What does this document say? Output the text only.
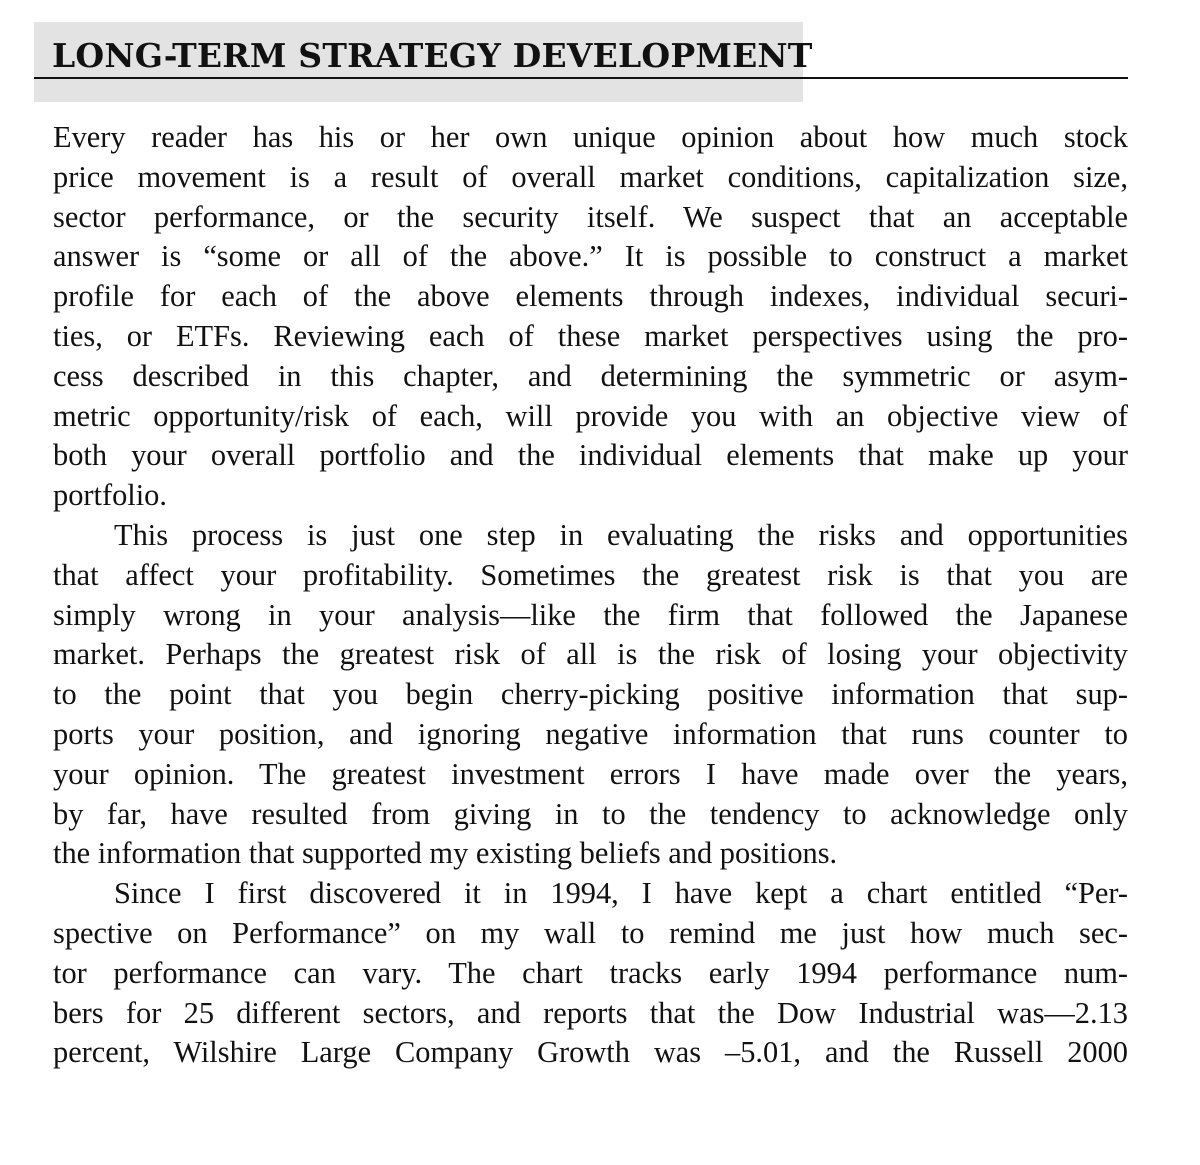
LONG-TERM STRATEGY DEVELOPMENT
Every reader has his or her own unique opinion about how much stock
price movement is a result of overall market conditions, capitalization size,
sector performance, or the security itself. We suspect that an acceptable
answer is “some or all of the above.” It is possible to construct a market
profile for each of the above elements through indexes, individual securi-
ties, or ETFs. Reviewing each of these market perspectives using the pro-
cess described in this chapter, and determining the symmetric or asym-
metric opportunity/risk of each, will provide you with an objective view of
both your overall portfolio and the individual elements that make up your
portfolio.
This process is just one step in evaluating the risks and opportunities
that affect your profitability. Sometimes the greatest risk is that you are
simply wrong in your analysis—like the firm that followed the Japanese
market. Perhaps the greatest risk of all is the risk of losing your objectivity
to the point that you begin cherry-picking positive information that sup-
ports your position, and ignoring negative information that runs counter to
your opinion. The greatest investment errors I have made over the years,
by far, have resulted from giving in to the tendency to acknowledge only
the information that supported my existing beliefs and positions.
Since I first discovered it in 1994, I have kept a chart entitled “Per-
spective on Performance” on my wall to remind me just how much sec-
tor performance can vary. The chart tracks early 1994 performance num-
bers for 25 different sectors, and reports that the Dow Industrial was—2.13
percent, Wilshire Large Company Growth was –5.01, and the Russell 2000
